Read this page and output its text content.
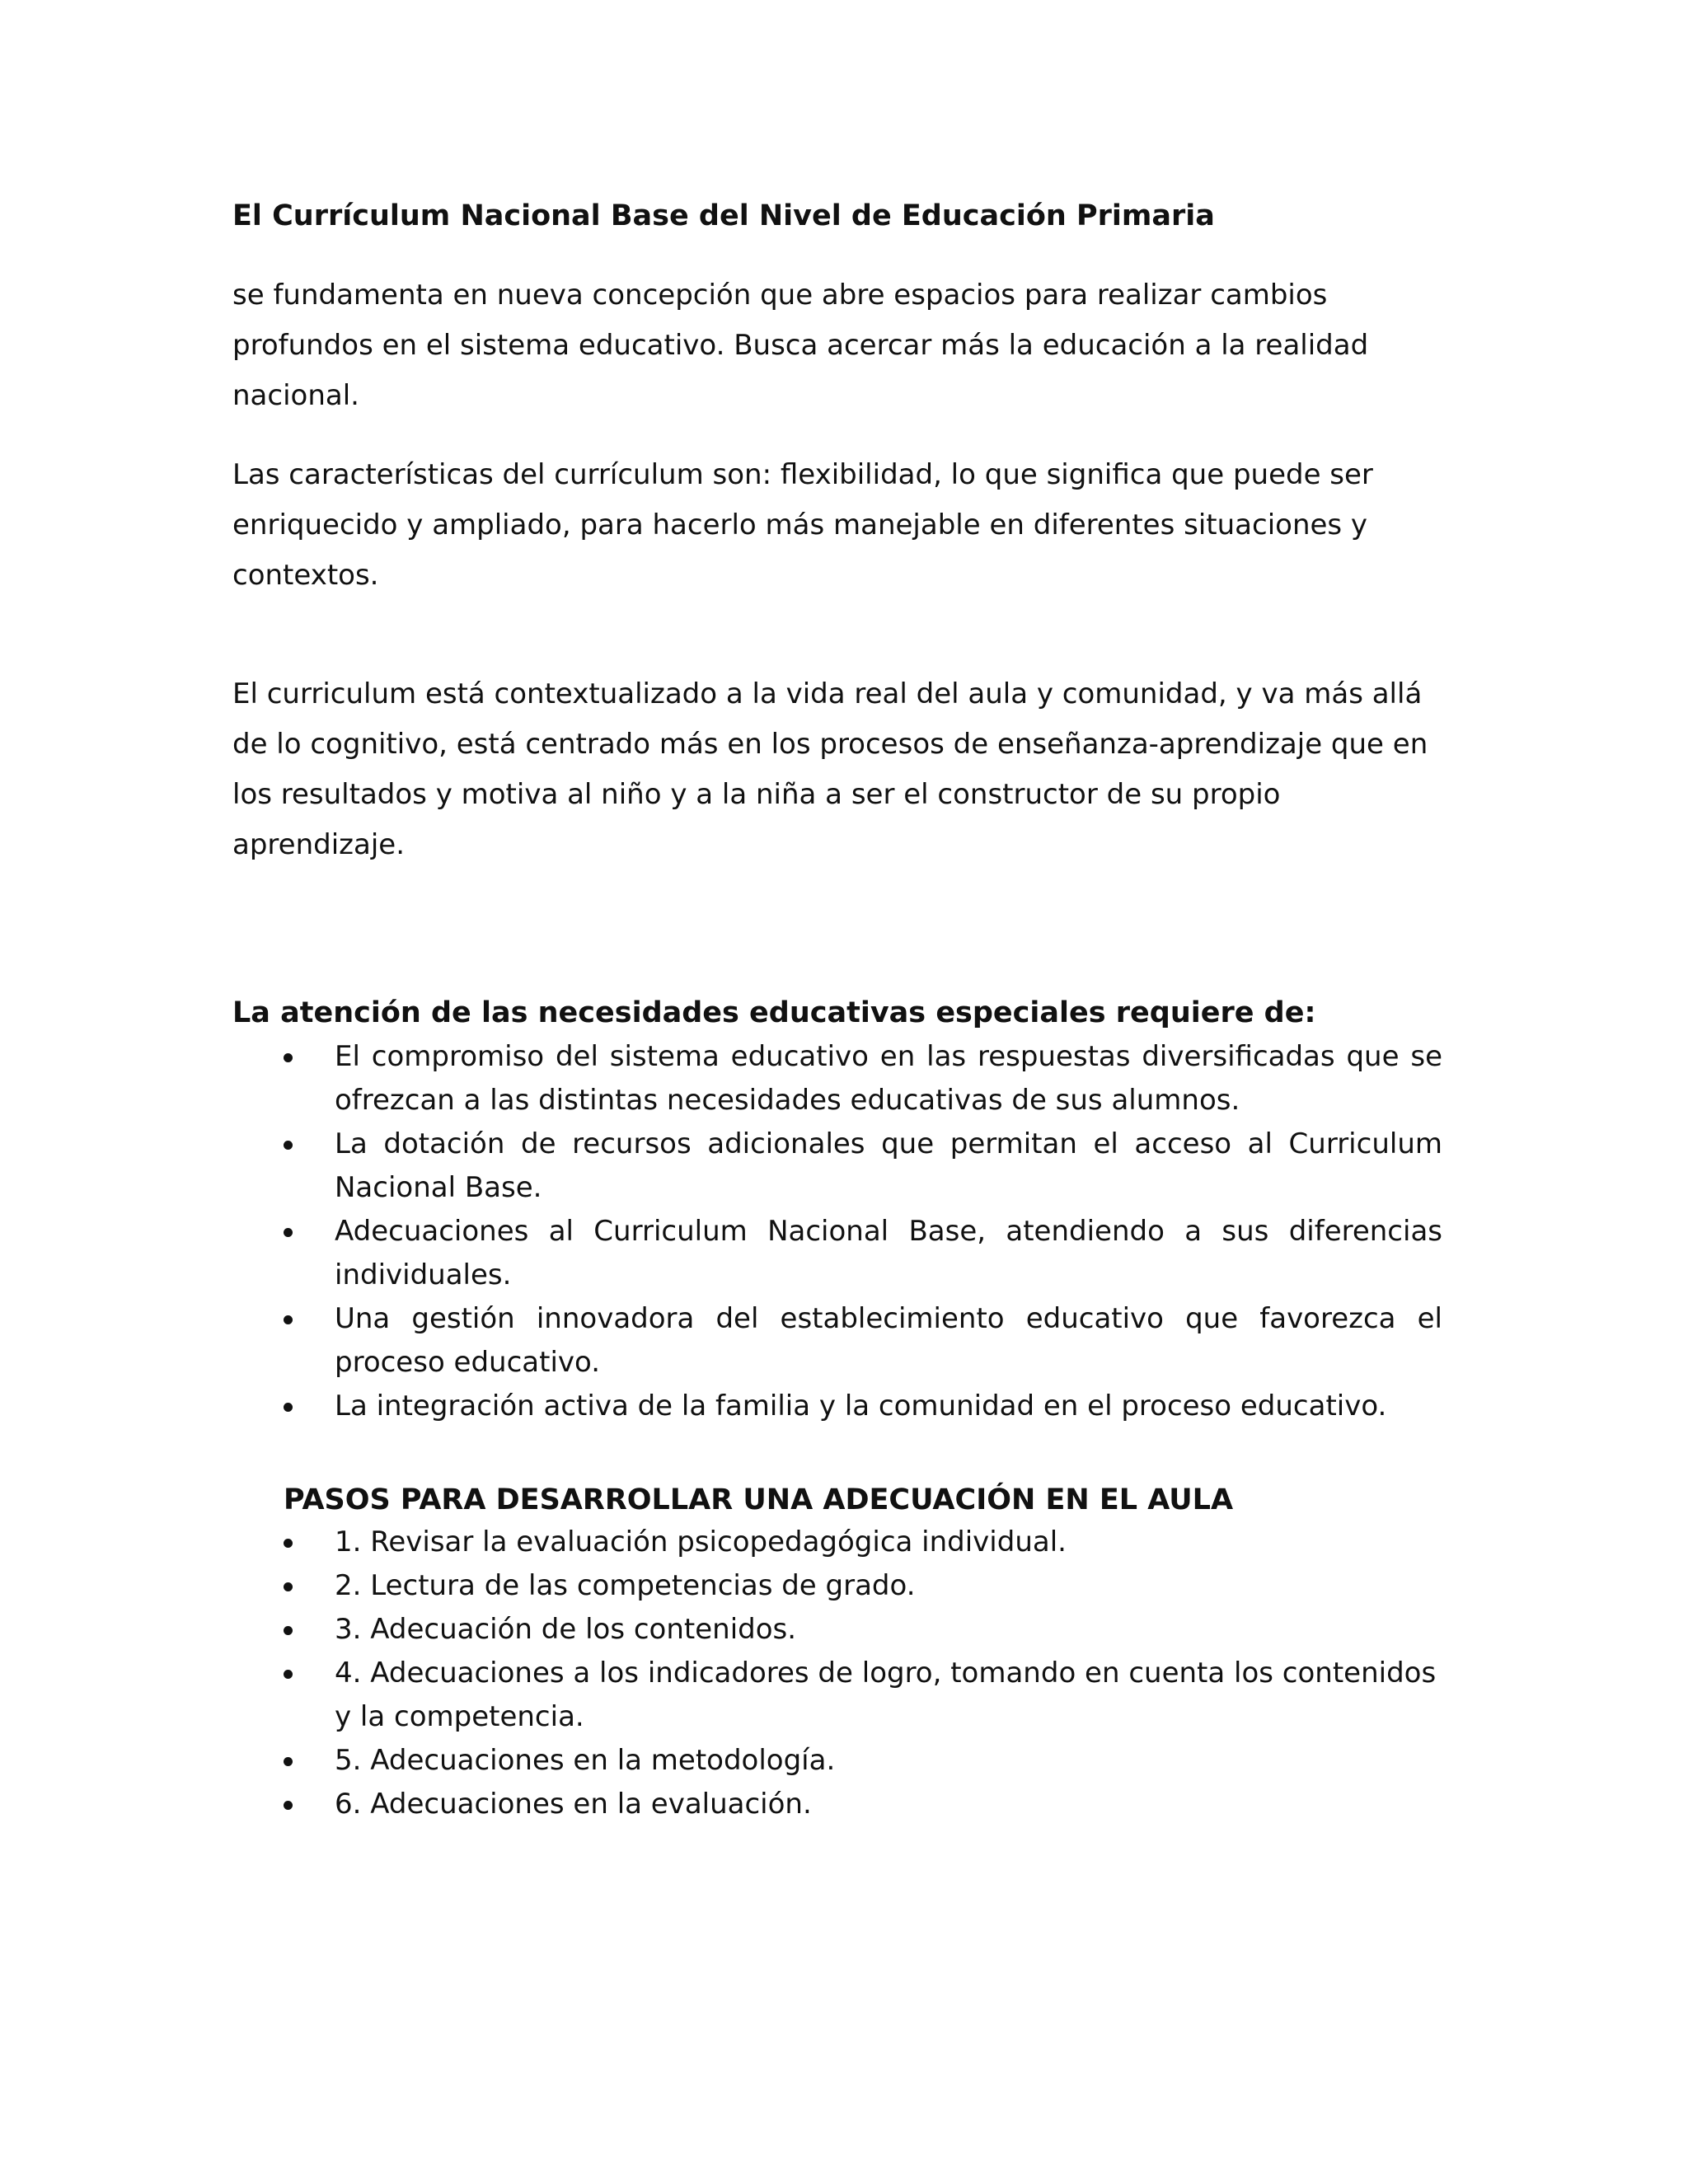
El Currículum Nacional Base del Nivel de Educación Primaria

se fundamenta en nueva concepción que abre espacios para realizar cambios profundos en el sistema educativo. Busca acercar más la educación a la realidad nacional.

Las características del currículum son: flexibilidad, lo que significa que puede ser enriquecido y ampliado, para hacerlo más manejable en diferentes situaciones y contextos.

El curriculum está contextualizado a la vida real del aula y comunidad, y va más allá de lo cognitivo, está centrado más en los procesos de enseñanza-aprendizaje que en los resultados y motiva al niño y a la niña a ser el constructor de su propio aprendizaje.

La atención de las necesidades educativas especiales requiere de:
El compromiso del sistema educativo en las respuestas diversificadas que se ofrezcan a las distintas necesidades educativas de sus alumnos.
La dotación de recursos adicionales que permitan el acceso al Curriculum Nacional Base.
Adecuaciones al Curriculum Nacional Base, atendiendo a sus diferencias individuales.
Una gestión innovadora del establecimiento educativo que favorezca el proceso educativo.
La integración activa de la familia y la comunidad en el proceso educativo.
PASOS PARA DESARROLLAR UNA ADECUACIÓN EN EL AULA
1. Revisar la evaluación psicopedagógica individual.
2. Lectura de las competencias de grado.
3. Adecuación de los contenidos.
4. Adecuaciones a los indicadores de logro, tomando en cuenta los contenidos y la competencia.
5. Adecuaciones en la metodología.
6. Adecuaciones en la evaluación.
